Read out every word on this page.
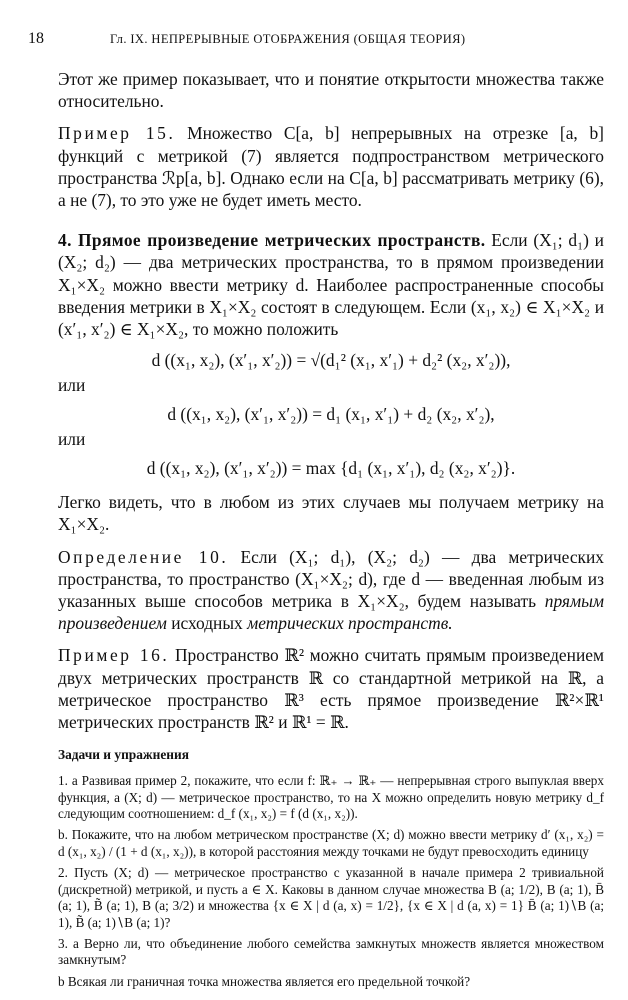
18	Гл. IX. НЕПРЕРЫВНЫЕ ОТОБРАЖЕНИЯ (ОБЩАЯ ТЕОРИЯ)

Этот же пример показывает, что и понятие открытости множества также относительно.

Пример 15. Множество C[a, b] непрерывных на отрезке [a, b] функций с метрикой (7) является подпространством метрического пространства ℛp[a, b]. Однако если на C[a, b] рассматривать метрику (6), а не (7), то это уже не будет иметь место.

4. Прямое произведение метрических пространств. Если (X₁; d₁) и (X₂; d₂) — два метрических пространства, то в прямом произведении X₁×X₂ можно ввести метрику d. Наиболее распространенные способы введения метрики в X₁×X₂ состоят в следующем. Если (x₁, x₂) ∈ X₁×X₂ и (x′₁, x′₂) ∈ X₁×X₂, то можно положить

d ((x₁, x₂), (x′₁, x′₂)) = √(d₁² (x₁, x′₁) + d₂² (x₂, x′₂)),
или
d ((x₁, x₂), (x′₁, x′₂)) = d₁ (x₁, x′₁) + d₂ (x₂, x′₂),
или
d ((x₁, x₂), (x′₁, x′₂)) = max {d₁ (x₁, x′₁), d₂ (x₂, x′₂)}.

Легко видеть, что в любом из этих случаев мы получаем метрику на X₁×X₂.

Определение 10. Если (X₁; d₁), (X₂; d₂) — два метрических пространства, то пространство (X₁×X₂; d), где d — введенная любым из указанных выше способов метрика в X₁×X₂, будем называть прямым произведением исходных метрических пространств.

Пример 16. Пространство ℝ² можно считать прямым произведением двух метрических пространств ℝ со стандартной метрикой на ℝ, а метрическое пространство ℝ³ есть прямое произведение ℝ²×ℝ¹ метрических пространств ℝ² и ℝ¹ = ℝ.

Задачи и упражнения

1. a Развивая пример 2, покажите, что если f: ℝ₊ → ℝ₊ — непрерывная строго выпуклая вверх функция, а (X; d) — метрическое пространство, то на X можно определить новую метрику d_f следующим соотношением: d_f (x₁, x₂) = f (d (x₁, x₂)).

b. Покажите, что на любом метрическом пространстве (X; d) можно ввести метрику d′ (x₁, x₂) = d (x₁, x₂) / (1 + d (x₁, x₂)), в которой расстояния между точками не будут превосходить единицу

2. Пусть (X; d) — метрическое пространство с указанной в начале примера 2 тривиальной (дискретной) метрикой, и пусть a ∈ X. Каковы в данном случае множества B (a; 1/2), B (a; 1), B̄ (a; 1), B̃ (a; 1), B (a; 3/2) и множества {x ∈ X | d (a, x) = 1/2}, {x ∈ X | d (a, x) = 1} B̄ (a; 1)∖B (a; 1), B̃ (a; 1)∖B (a; 1)?

3. a Верно ли, что объединение любого семейства замкнутых множеств является множеством замкнутым?

b Всякая ли граничная точка множества является его предельной точкой?
